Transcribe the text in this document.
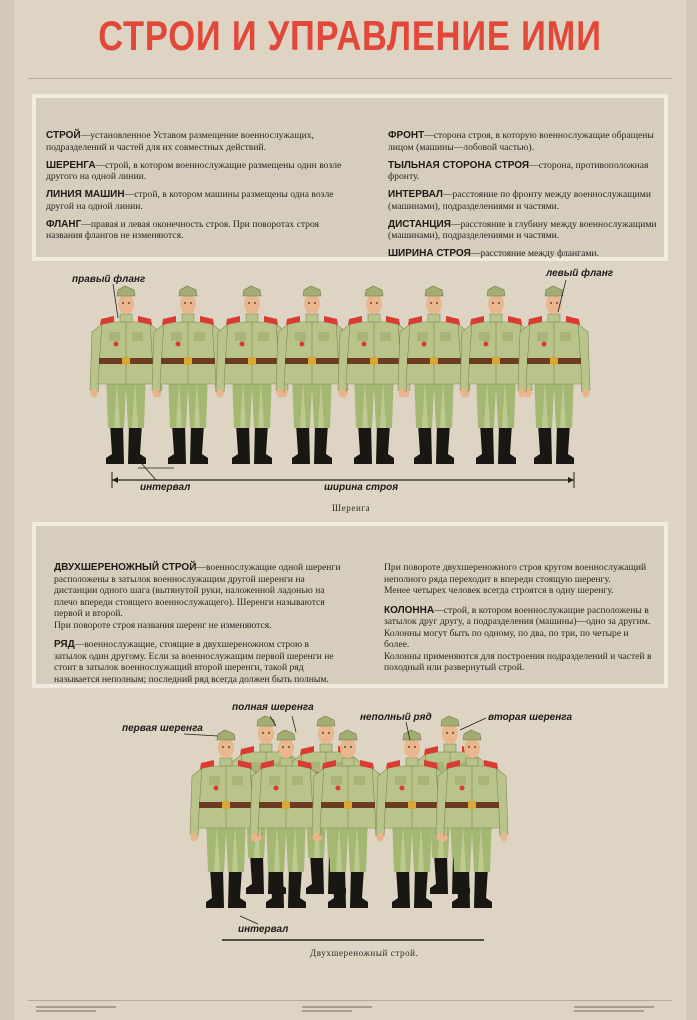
СТРОИ И УПРАВЛЕНИЕ ИМИ
СТРОЙ—установленное Уставом размещение военнослужащих, подразделений и частей для их совместных действий.
ШЕРЕНГА—строй, в котором военнослужащие размещены один возле другого на одной линии.
ЛИНИЯ МАШИН—строй, в котором машины размещены одна возле другой на одной линии.
ФЛАНГ—правая и левая оконечность строя. При поворотах строя названия флангов не изменяются.
ФРОНТ—сторона строя, в которую военнослужащие обращены лицом (машины—лобовой частью).
ТЫЛЬНАЯ СТОРОНА СТРОЯ—сторона, противоположная фронту.
ИНТЕРВАЛ—расстояние по фронту между военнослужащими (машинами), подразделениями и частями.
ДИСТАНЦИЯ—расстояние в глубину между военнослужащими (машинами), подразделениями и частями.
ШИРИНА СТРОЯ—расстояние между флангами.
правый фланг
левый фланг
интервал	ширина строя
Шеренга
ДВУХШЕРЕНОЖНЫЙ СТРОЙ—военнослужащие одной шеренги расположены в затылок военнослужащим другой шеренги на дистанции одного шага (вытянутой руки, наложенной ладонью на плечо впереди стоящего военнослужащего). Шеренги называются первой и второй.
При повороте строя названия шеренг не изменяются.
РЯД—военнослужащие, стоящие в двухшереножном строю в затылок один другому. Если за военнослужащим первой шеренги не стоит в затылок военнослужащий второй шеренги, такой ряд называется неполным; последний ряд всегда должен быть полным.
При повороте двухшереножного строя кругом военнослужащий неполного ряда переходит в впереди стоящую шеренгу.
Менее четырех человек всегда строятся в одну шеренгу.
КОЛОННА—строй, в котором военнослужащие расположены в затылок друг другу, а подразделения (машины)—одно за другим.
Колонны могут быть по одному, по два, по три, по четыре и более.
Колонны применяются для построения подразделений и частей в походный или развернутый строй.
первая шеренга
полная шеренга
неполный ряд	вторая шеренга
интервал
Двухшереножный строй.
